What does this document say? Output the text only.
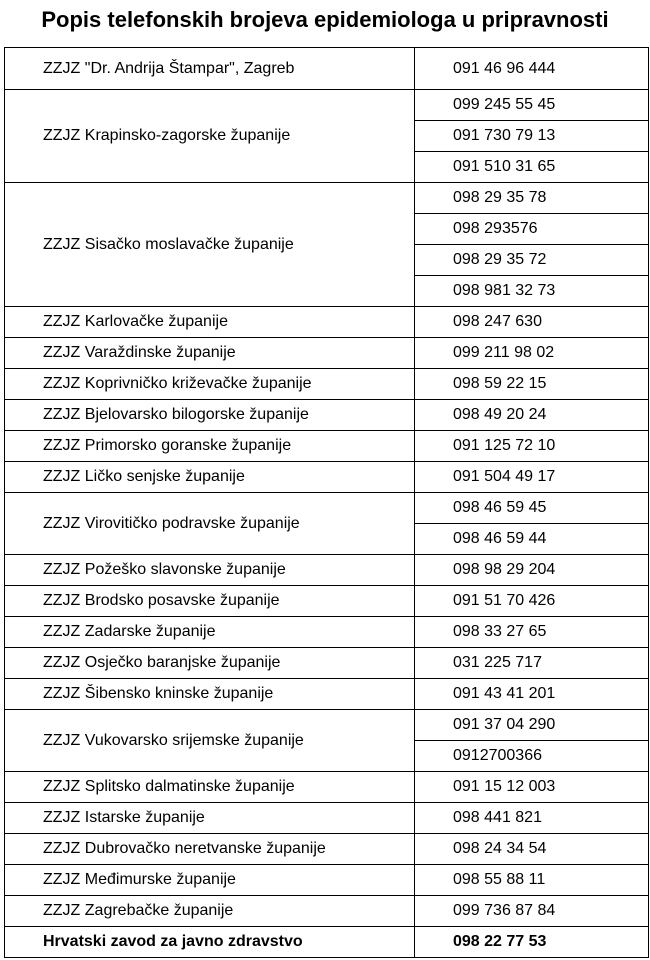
Popis telefonskih brojeva epidemiologa u pripravnosti
ZZJZ "Dr. Andrija Štampar", Zagreb	091 46 96 444
ZZJZ Krapinsko-zagorske županije	099 245 55 45
	091 730 79 13
	091 510 31 65
ZZJZ Sisačko moslavačke županije	098 29 35 78
	098 293576
	098 29 35 72
	098 981 32 73
ZZJZ Karlovačke županije	098 247 630
ZZJZ Varaždinske županije	099 211 98 02
ZZJZ Koprivničko križevačke županije	098 59 22 15
ZZJZ Bjelovarsko bilogorske županije	098 49 20 24
ZZJZ Primorsko goranske županije	091 125 72 10
ZZJZ Ličko senjske županije	091 504 49 17
ZZJZ Virovitičko podravske županije	098 46 59 45
	098 46 59 44
ZZJZ Požeško slavonske županije	098 98 29 204
ZZJZ Brodsko posavske županije	091 51 70 426
ZZJZ Zadarske županije	098 33 27 65
ZZJZ Osječko baranjske županije	031 225 717
ZZJZ Šibensko kninske županije	091 43 41 201
ZZJZ Vukovarsko srijemske županije	091 37 04 290
	0912700366
ZZJZ Splitsko dalmatinske županije	091 15 12 003
ZZJZ Istarske županije	098 441 821
ZZJZ Dubrovačko neretvanske županije	098 24 34 54
ZZJZ Međimurske županije	098 55 88 11
ZZJZ Zagrebačke županije	099 736 87 84
Hrvatski zavod za javno zdravstvo	098 22 77 53
